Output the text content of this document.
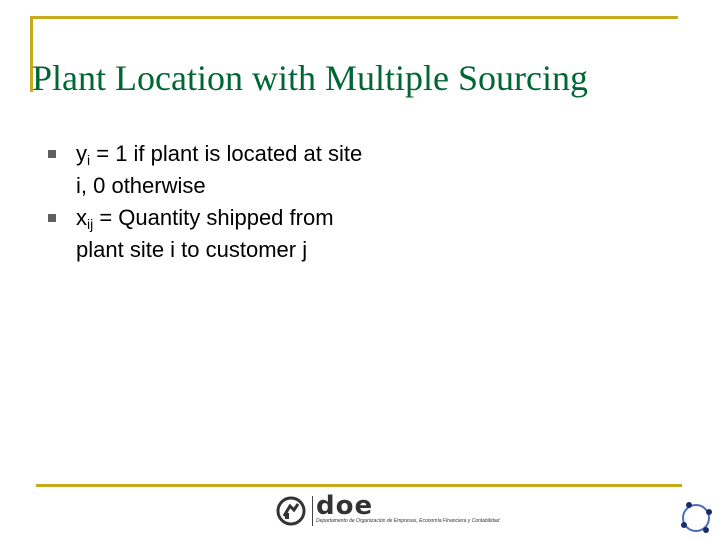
Plant Location with Multiple Sourcing
$y_i = 1$ if plant is located at site i, 0 otherwise
$x_{ij}$ = Quantity shipped from plant site i to customer j
doe
Departamento de Organización de Empresas, Economía Financiera y Contabilidad
